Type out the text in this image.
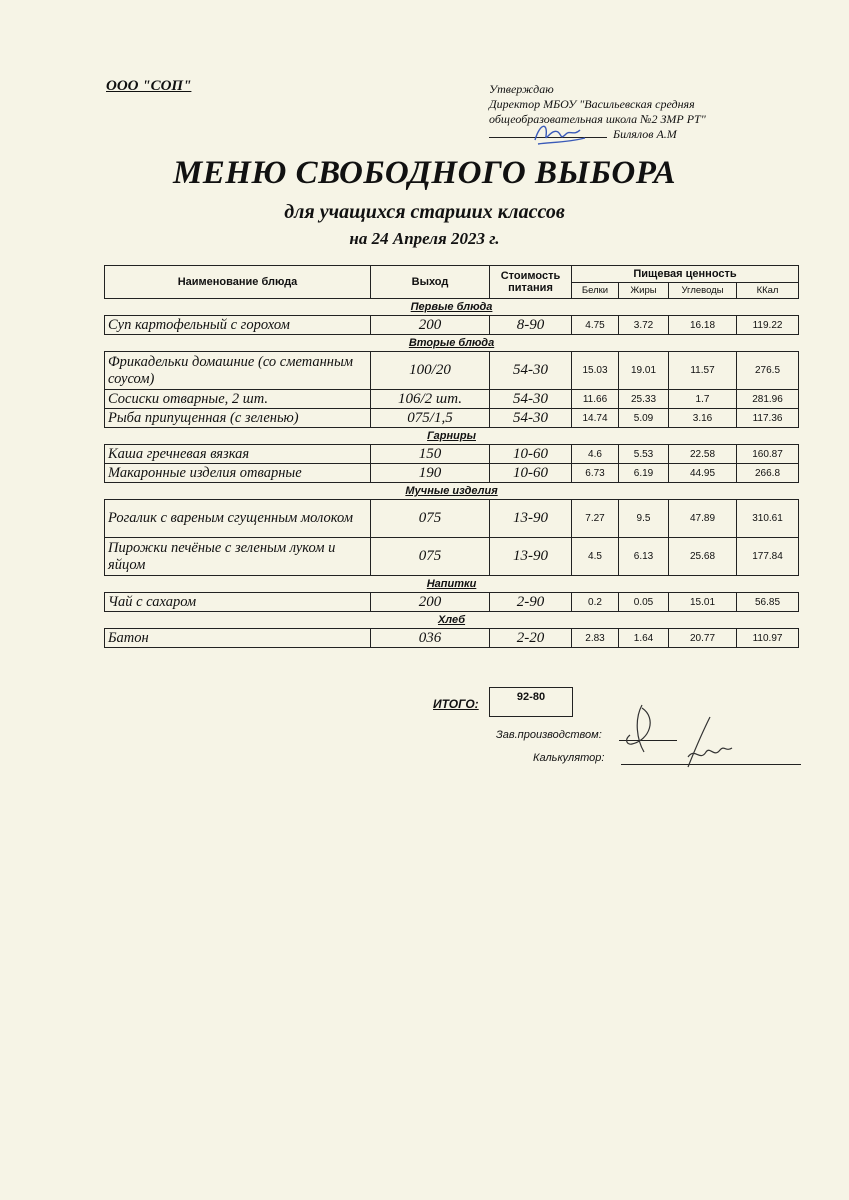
ООО "СОП"	Утверждаю
Директор МБОУ "Васильевская средняя
общеобразовательная школа №2 ЗМР РТ"
Билялов А.М
МЕНЮ СВОБОДНОГО ВЫБОРА
для учащихся старших классов
на 24 Апреля 2023 г.
Наименование блюда	Выход	Стоимость питания	Пищевая ценность			
			Белки	Жиры	Углеводы	ККал
Первые блюда						
Суп картофельный с горохом	200	8-90	4.75	3.72	16.18	119.22
Вторые блюда						
Фрикадельки домашние (со сметанным соусом)	100/20	54-30	15.03	19.01	11.57	276.5
Сосиски отварные, 2 шт.	106/2 шт.	54-30	11.66	25.33	1.7	281.96
Рыба припущенная (с зеленью)	075/1,5	54-30	14.74	5.09	3.16	117.36
Гарниры						
Каша гречневая вязкая	150	10-60	4.6	5.53	22.58	160.87
Макаронные изделия отварные	190	10-60	6.73	6.19	44.95	266.8
Мучные изделия						
Рогалик с вареным сгущенным молоком	075	13-90	7.27	9.5	47.89	310.61
Пирожки печёные с зеленым луком и яйцом	075	13-90	4.5	6.13	25.68	177.84
Напитки						
Чай с сахаром	200	2-90	0.2	0.05	15.01	56.85
Хлеб						
Батон	036	2-20	2.83	1.64	20.77	110.97
ИТОГО:	92-80
Зав.производством:
Калькулятор:
